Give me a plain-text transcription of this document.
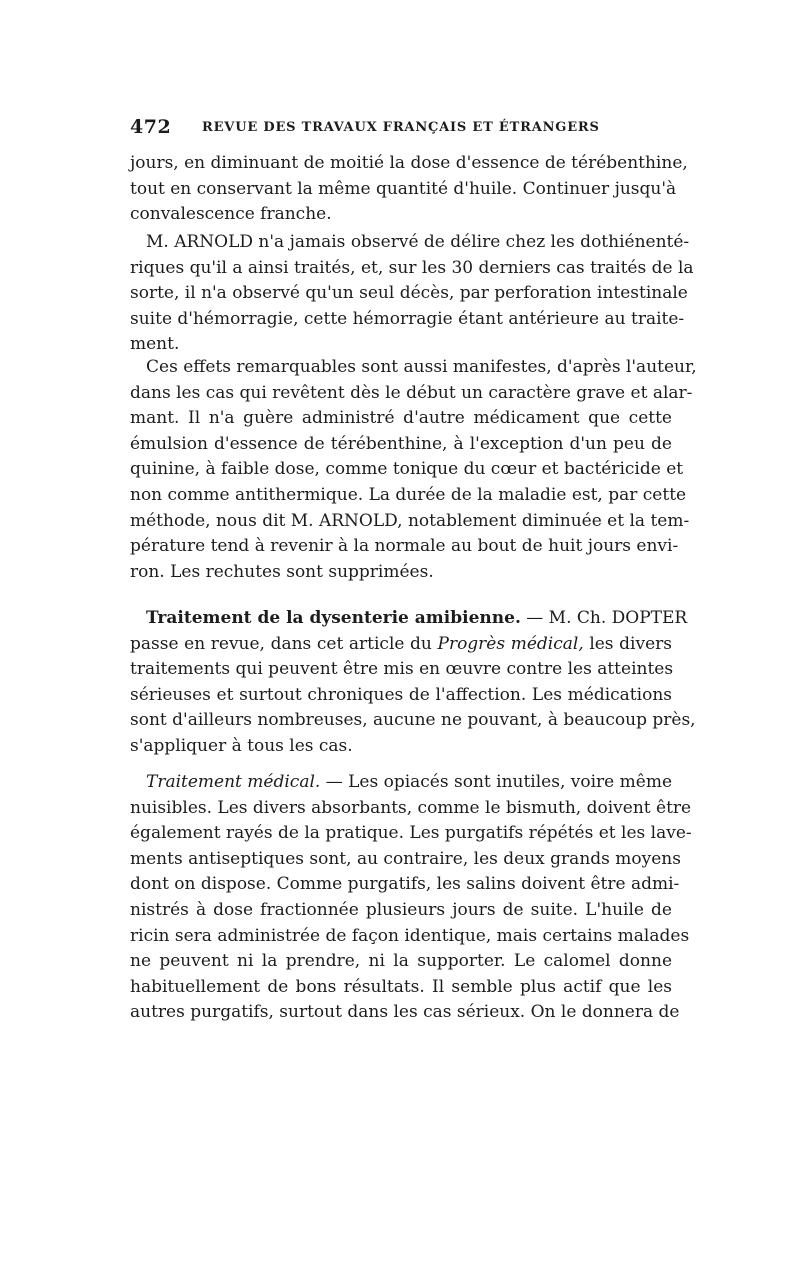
472 REVUE DES TRAVAUX FRANÇAIS ET ÉTRANGERS
jours, en diminuant de moitié la dose d'essence de térébenthine,
tout en conservant la même quantité d'huile. Continuer jusqu'à
convalescence franche.
M. ARNOLD n'a jamais observé de délire chez les dothiénenté-
riques qu'il a ainsi traités, et, sur les 30 derniers cas traités de la
sorte, il n'a observé qu'un seul décès, par perforation intestinale
suite d'hémorragie, cette hémorragie étant antérieure au traite-
ment.
Ces effets remarquables sont aussi manifestes, d'après l'auteur,
dans les cas qui revêtent dès le début un caractère grave et alar-
mant. Il n'a guère administré d'autre médicament que cette
émulsion d'essence de térébenthine, à l'exception d'un peu de
quinine, à faible dose, comme tonique du cœur et bactéricide et
non comme antithermique. La durée de la maladie est, par cette
méthode, nous dit M. ARNOLD, notablement diminuée et la tem-
pérature tend à revenir à la normale au bout de huit jours envi-
ron. Les rechutes sont supprimées.
Traitement de la dysenterie amibienne. — M. Ch. DOPTER
passe en revue, dans cet article du Progrès médical, les divers
traitements qui peuvent être mis en œuvre contre les atteintes
sérieuses et surtout chroniques de l'affection. Les médications
sont d'ailleurs nombreuses, aucune ne pouvant, à beaucoup près,
s'appliquer à tous les cas.
Traitement médical. — Les opiacés sont inutiles, voire même
nuisibles. Les divers absorbants, comme le bismuth, doivent être
également rayés de la pratique. Les purgatifs répétés et les lave-
ments antiseptiques sont, au contraire, les deux grands moyens
dont on dispose. Comme purgatifs, les salins doivent être admi-
nistrés à dose fractionnée plusieurs jours de suite. L'huile de
ricin sera administrée de façon identique, mais certains malades
ne peuvent ni la prendre, ni la supporter. Le calomel donne
habituellement de bons résultats. Il semble plus actif que les
autres purgatifs, surtout dans les cas sérieux. On le donnera de
